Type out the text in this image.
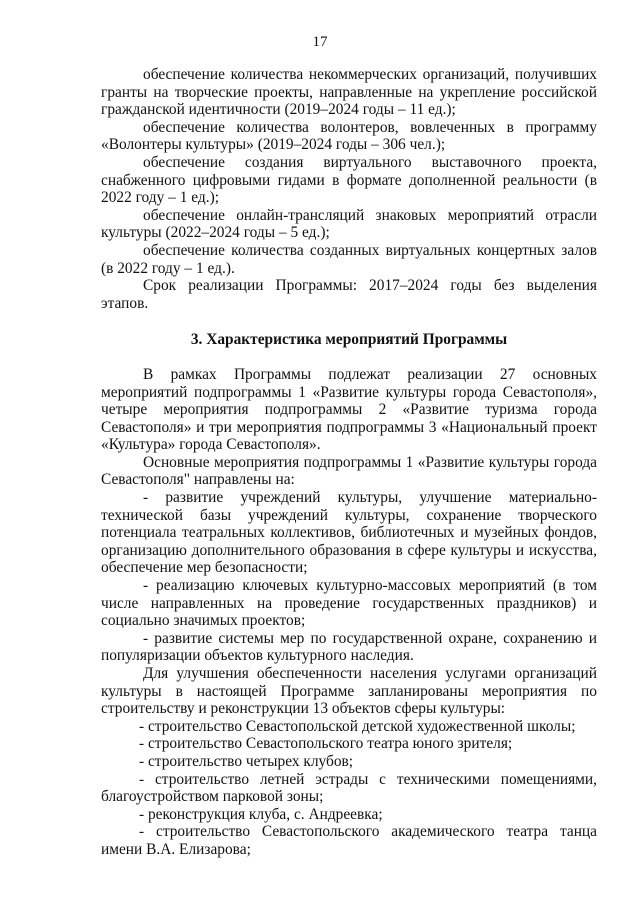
17

обеспечение количества некоммерческих организаций, получивших гранты на творческие проекты, направленные на укрепление российской гражданской идентичности (2019–2024 годы – 11 ед.);

обеспечение количества волонтеров, вовлеченных в программу «Волонтеры культуры» (2019–2024 годы – 306 чел.);

обеспечение создания виртуального выставочного проекта, снабженного цифровыми гидами в формате дополненной реальности (в 2022 году – 1 ед.);

обеспечение онлайн-трансляций знаковых мероприятий отрасли культуры (2022–2024 годы – 5 ед.);

обеспечение количества созданных виртуальных концертных залов (в 2022 году – 1 ед.).

Срок реализации Программы: 2017–2024 годы без выделения этапов.

3. Характеристика мероприятий Программы

В рамках Программы подлежат реализации 27 основных мероприятий подпрограммы 1 «Развитие культуры города Севастополя», четыре мероприятия подпрограммы 2 «Развитие туризма города Севастополя» и три мероприятия подпрограммы 3 «Национальный проект «Культура» города Севастополя».

Основные мероприятия подпрограммы 1 «Развитие культуры города Севастополя" направлены на:

- развитие учреждений культуры, улучшение материально-технической базы учреждений культуры, сохранение творческого потенциала театральных коллективов, библиотечных и музейных фондов, организацию дополнительного образования в сфере культуры и искусства, обеспечение мер безопасности;

- реализацию ключевых культурно-массовых мероприятий (в том числе направленных на проведение государственных праздников) и социально значимых проектов;

- развитие системы мер по государственной охране, сохранению и популяризации объектов культурного наследия.

Для улучшения обеспеченности населения услугами организаций культуры в настоящей Программе запланированы мероприятия по строительству и реконструкции 13 объектов сферы культуры:

- строительство Севастопольской детской художественной школы;

- строительство Севастопольского театра юного зрителя;

- строительство четырех клубов;

- строительство летней эстрады с техническими помещениями, благоустройством парковой зоны;

- реконструкция клуба, с. Андреевка;

- строительство Севастопольского академического театра танца имени В.А. Елизарова;
